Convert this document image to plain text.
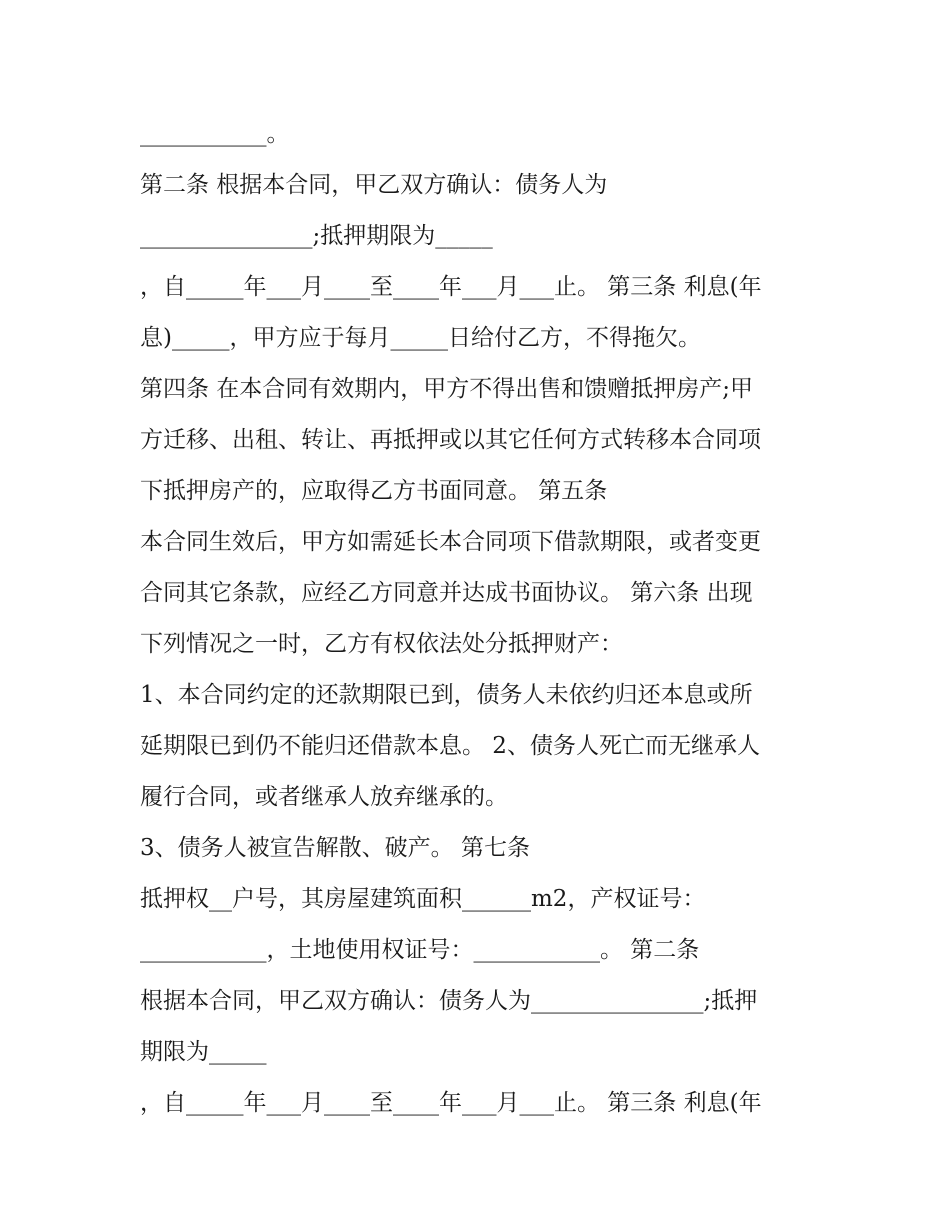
___________。
第二条 根据本合同，甲乙双方确认：债务人为
_______________;抵押期限为_____
，自_____年___月____至____年___月___止。 第三条 利息(年
息)_____，甲方应于每月_____日给付乙方，不得拖欠。
第四条 在本合同有效期内，甲方不得出售和馈赠抵押房产;甲
方迁移、出租、转让、再抵押或以其它任何方式转移本合同项
下抵押房产的，应取得乙方书面同意。 第五条
本合同生效后，甲方如需延长本合同项下借款期限，或者变更
合同其它条款，应经乙方同意并达成书面协议。 第六条 出现
下列情况之一时，乙方有权依法处分抵押财产：
1、本合同约定的还款期限已到，债务人未依约归还本息或所
延期限已到仍不能归还借款本息。 2、债务人死亡而无继承人
履行合同，或者继承人放弃继承的。
3、债务人被宣告解散、破产。 第七条
抵押权__户号，其房屋建筑面积______m2，产权证号：
___________，土地使用权证号：___________。 第二条
根据本合同，甲乙双方确认：债务人为_______________;抵押
期限为_____
，自_____年___月____至____年___月___止。 第三条 利息(年
